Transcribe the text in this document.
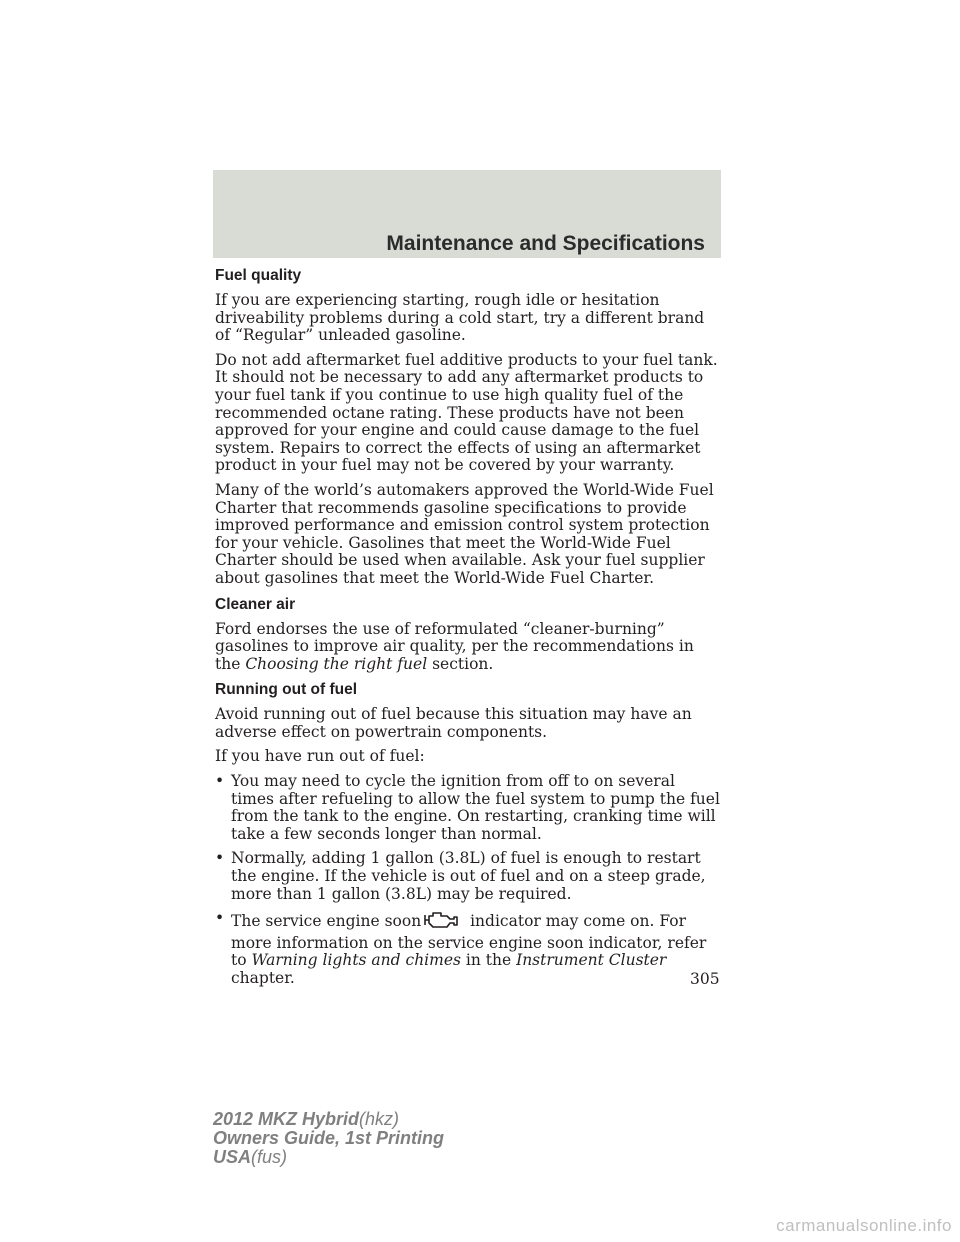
Maintenance and Specifications
Fuel quality

If you are experiencing starting, rough idle or hesitation driveability problems during a cold start, try a different brand of “Regular” unleaded gasoline.

Do not add aftermarket fuel additive products to your fuel tank. It should not be necessary to add any aftermarket products to your fuel tank if you continue to use high quality fuel of the recommended octane rating. These products have not been approved for your engine and could cause damage to the fuel system. Repairs to correct the effects of using an aftermarket product in your fuel may not be covered by your warranty.

Many of the world’s automakers approved the World-Wide Fuel Charter that recommends gasoline specifications to provide improved performance and emission control system protection for your vehicle. Gasolines that meet the World-Wide Fuel Charter should be used when available. Ask your fuel supplier about gasolines that meet the World-Wide Fuel Charter.

Cleaner air

Ford endorses the use of reformulated “cleaner-burning” gasolines to improve air quality, per the recommendations in the Choosing the right fuel section.

Running out of fuel

Avoid running out of fuel because this situation may have an adverse effect on powertrain components.

If you have run out of fuel:

• You may need to cycle the ignition from off to on several times after refueling to allow the fuel system to pump the fuel from the tank to the engine. On restarting, cranking time will take a few seconds longer than normal.
• Normally, adding 1 gallon (3.8L) of fuel is enough to restart the engine. If the vehicle is out of fuel and on a steep grade, more than 1 gallon (3.8L) may be required.
• The service engine soon	indicator may come on. For more information on the service engine soon indicator, refer to Warning lights and chimes in the Instrument Cluster chapter.	305
2012 MKZ Hybrid(hkz)
Owners Guide, 1st Printing
USA(fus)
carmanualsonline.info
